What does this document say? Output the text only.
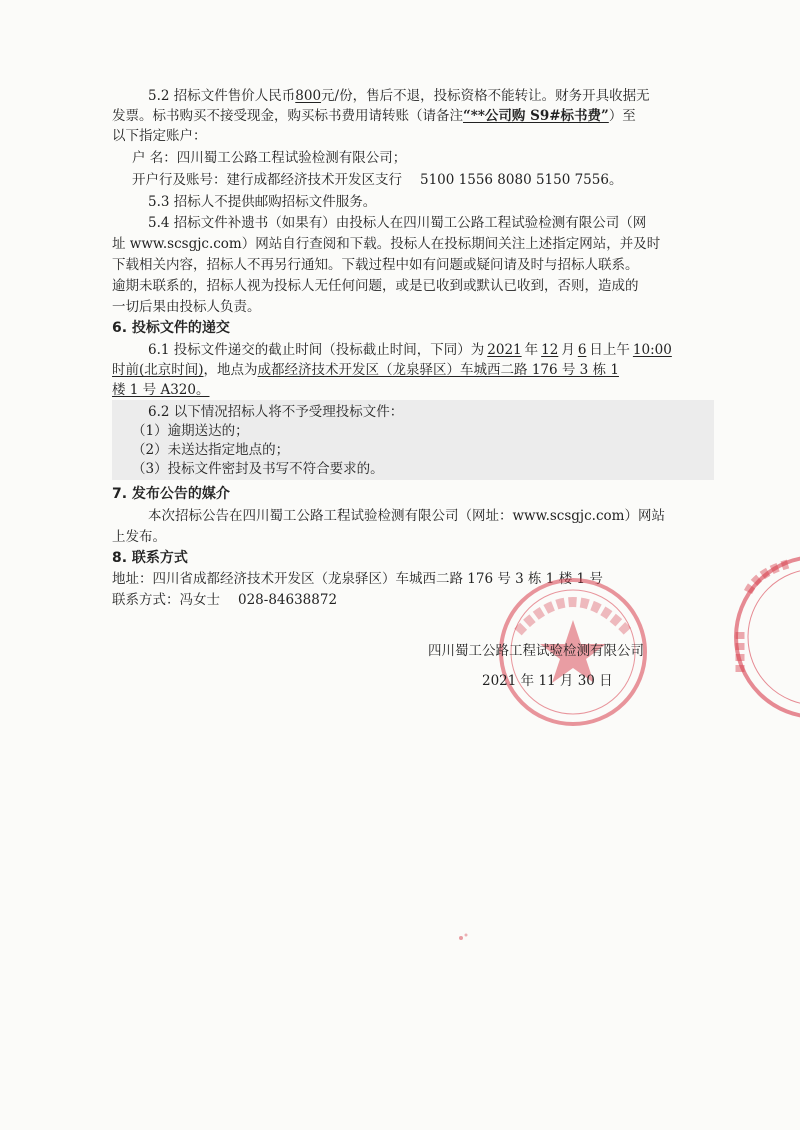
5.2 招标文件售价人民币800元/份，售后不退，投标资格不能转让。财务开具收据无
发票。标书购买不接受现金，购买标书费用请转账（请备注“**公司购 S9#标书费”）至
以下指定账户：
户 名：四川蜀工公路工程试验检测有限公司；
开户行及账号：建行成都经济技术开发区支行 5100 1556 8080 5150 7556。
5.3 招标人不提供邮购招标文件服务。
5.4 招标文件补遗书（如果有）由投标人在四川蜀工公路工程试验检测有限公司（网
址 www.scsgjc.com）网站自行查阅和下载。投标人在投标期间关注上述指定网站，并及时
下载相关内容，招标人不再另行通知。下载过程中如有问题或疑问请及时与招标人联系。
逾期未联系的，招标人视为投标人无任何问题，或是已收到或默认已收到，否则，造成的
一切后果由投标人负责。
6. 投标文件的递交
6.1 投标文件递交的截止时间（投标截止时间，下同）为 2021 年 12 月 6 日上午 10:00
时前(北京时间)，地点为成都经济技术开发区（龙泉驿区）车城西二路 176 号 3 栋 1
楼 1 号 A320。
6.2 以下情况招标人将不予受理投标文件：
（1）逾期送达的；
（2）未送达指定地点的；
（3）投标文件密封及书写不符合要求的。
7. 发布公告的媒介
本次招标公告在四川蜀工公路工程试验检测有限公司（网址：www.scsgjc.com）网站
上发布。
8. 联系方式
地址：四川省成都经济技术开发区（龙泉驿区）车城西二路 176 号 3 栋 1 楼 1 号
联系方式：冯女士 028-84638872
四川蜀工公路工程试验检测有限公司
2021 年 11 月 30 日
